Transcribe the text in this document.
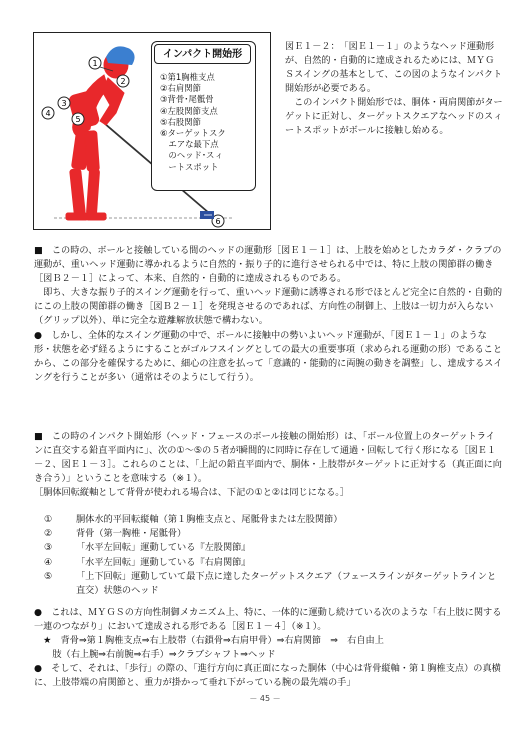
1
2
3
4
5
6
インパクト開始形
①第1胸椎支点
②右肩関節
③背骨･尾骶骨
④左股関節支点
⑤右股関節
⑥ターゲットスク
　エアな最下点
　のヘッド･スィ
　ートスポット

図Ｅ１－２：　「図Ｅ１－１」のようなヘッド運動形が、自然的・自動的に達成されるためには、ＭＹＧＳスイングの基本として、この図のようなインパクト開始形が必要である。

　このインパクト開始形では、胴体・両肩関節がターゲットに正対し、ターゲットスクエアなヘッドのスィートスポットがボールに接触し始める。

■　この時の、ボールと接触している間のヘッドの運動形［図Ｅ１－１］は、上肢を始めとしたカラダ・クラブの運動が、重いヘッド運動に導かれるように自然的・振り子的に進行させられる中では、特に上肢の関節群の働き［図Ｂ２－１］によって、本来、自然的・自動的に達成されるものである。

　即ち、大きな振り子的スイング運動を行って、重いヘッド運動に誘導される形でほとんど完全に自然的・自動的にこの上肢の関節群の働き［図Ｂ２－１］を発現させるのであれば、方向性の制御上、上肢は一切力が入らない（グリップ以外）、単に完全な遊離解放状態で構わない。

●　しかし、全体的なスイング運動の中で、ボールに接触中の勢いよいヘッド運動が、「図Ｅ１－１」のような形・状態を必ず経るようにすることがゴルフスイングとしての最大の重要事項（求められる運動の形）であることから、この部分を確保するために、細心の注意を払って「意識的・能動的に両腕の動きを調整」し、達成するスイングを行うことが多い（通常はそのようにして行う）。

■　この時のインパクト開始形（ヘッド・フェースのボール接触の開始形）は、「ボール位置上のターゲットラインに直交する鉛直平面内に」、次の①～⑤の５者が瞬間的に同時に存在して通過・回転して行く形になる［図Ｅ１－２、図Ｅ１－３］。これらのことは、「上記の鉛直平面内で、胴体・上肢帯がターゲットに正対する（真正面に向き合う）」ということを意味する（※１）。

［胴体回転縦軸として背骨が使われる場合は、下記の①と②は同じになる。］

①	胴体水的平回転縦軸（第１胸椎支点と、尾骶骨または左股関節）
②	背骨（第一胸椎・尾骶骨）
③	「水平左回転」運動している『左股関節』
④	「水平左回転」運動している『右肩関節』
⑤	「上下回転」運動していて最下点に達したターゲットスクエア（フェースラインがターゲットラインと直交）状態のヘッド

●　これは、ＭＹＧＳの方向性制御メカニズム上、特に、一体的に運動し続けている次のような「右上肢に関する一連のつながり」において達成される形である［図Ｅ１－４］（※１）。

　★　背骨⇒第１胸椎支点⇒右上肢帯（右鎖骨⇒右肩甲骨）⇒右肩関節　⇒　右自由上

　　肢（右上腕⇒右前腕⇒右手）⇒クラブシャフト⇒ヘッド

●　そして、それは、「歩行」の際の、「進行方向に真正面になった胴体（中心は背骨縦軸・第１胸椎支点）の真横に、上肢帯端の肩関節と、重力が掛かって垂れ下がっている腕の最先端の手」

－ 45 －
